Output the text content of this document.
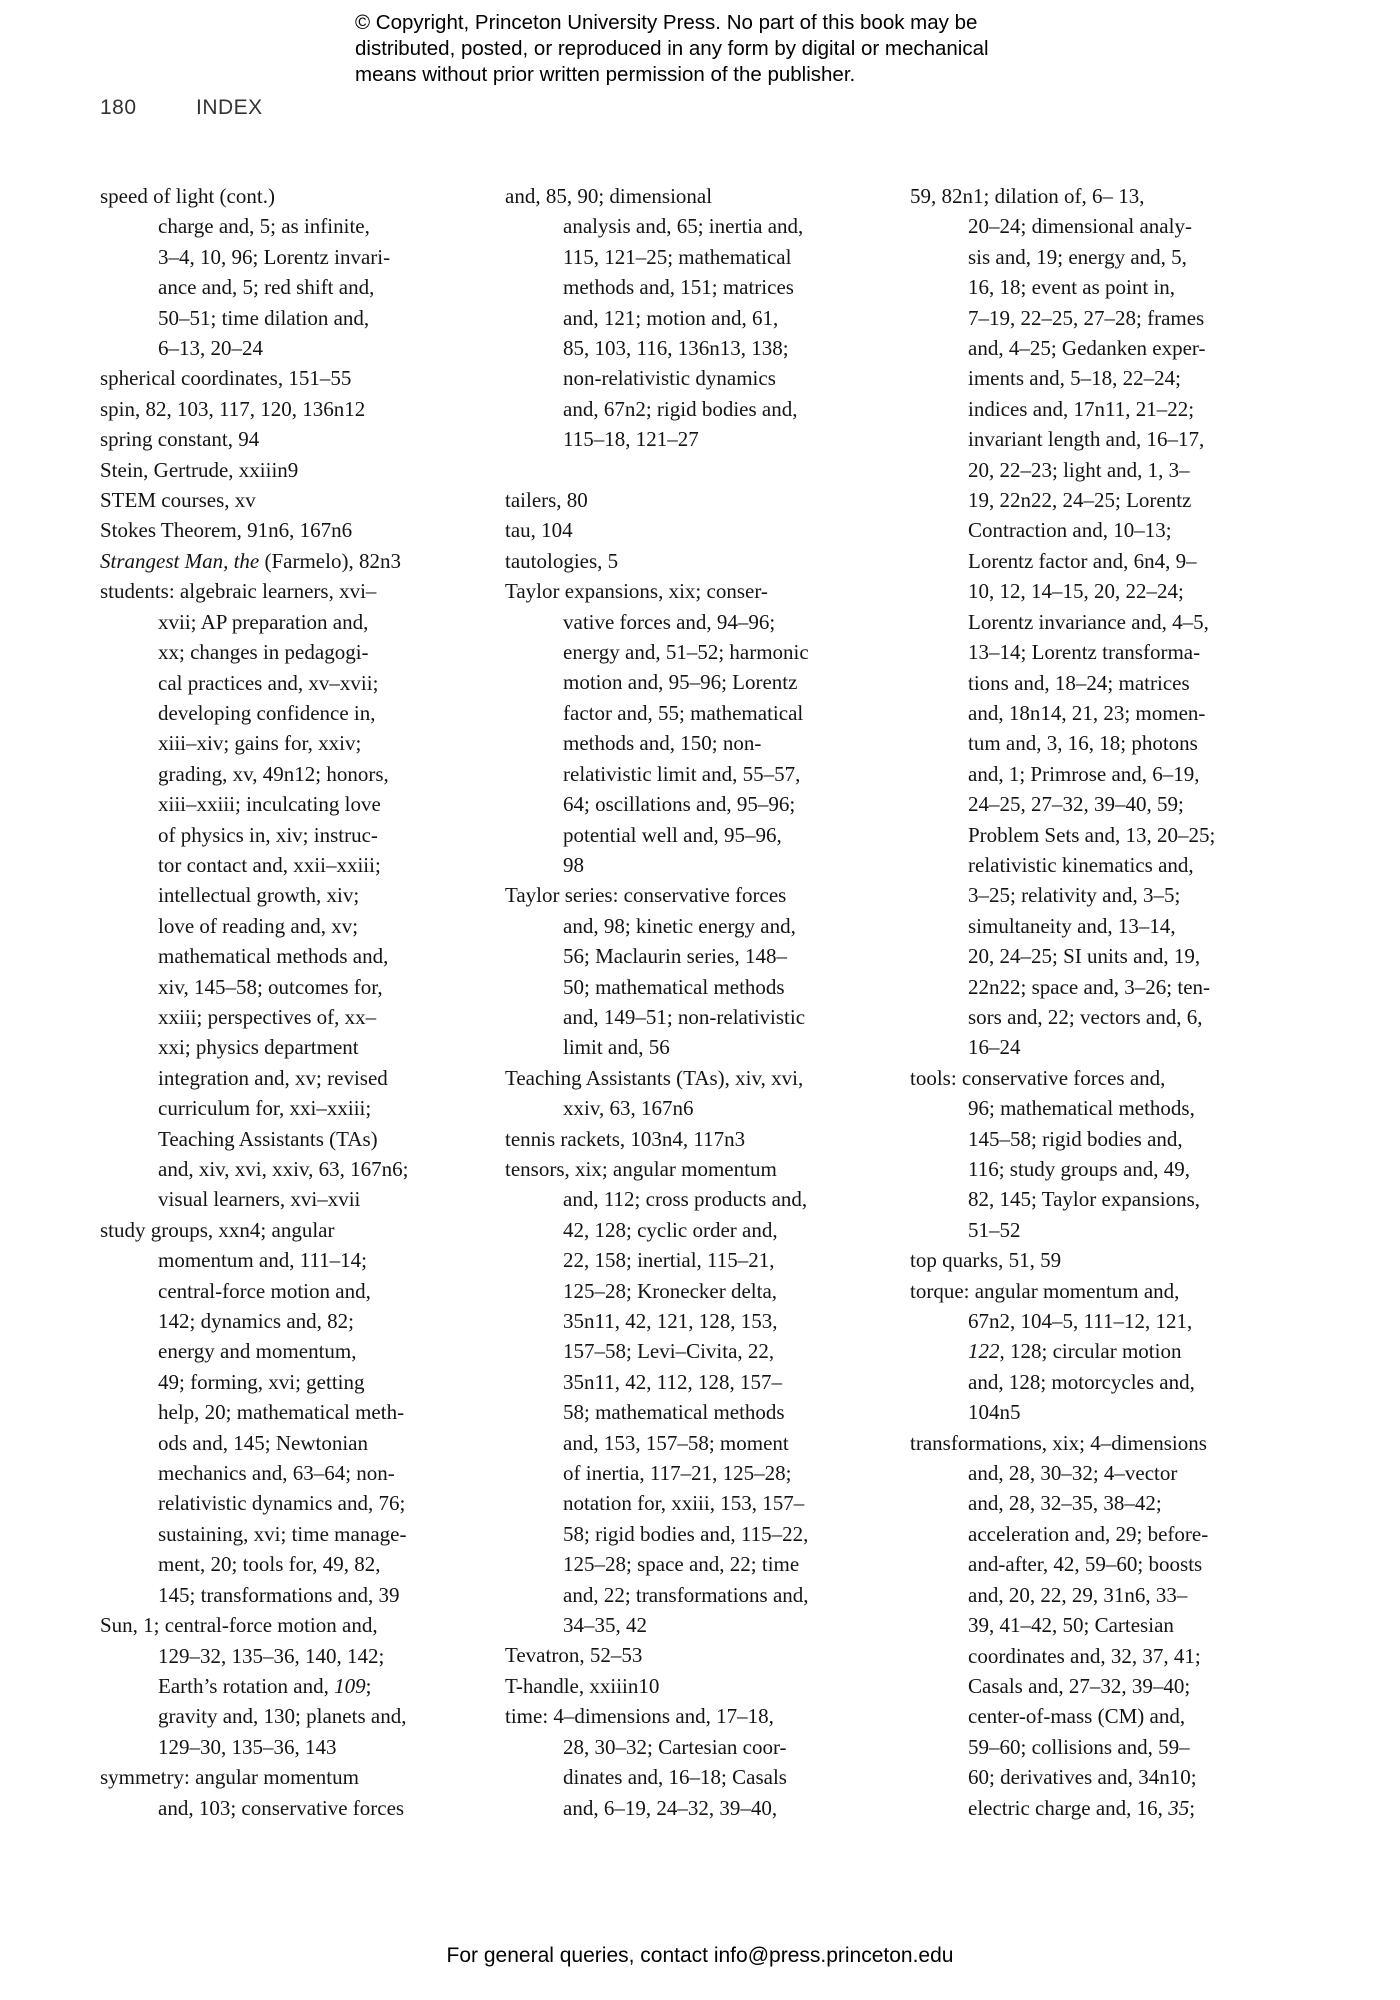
© Copyright, Princeton University Press. No part of this book may be
distributed, posted, or reproduced in any form by digital or mechanical
means without prior written permission of the publisher.
180	INDEX
speed of light (cont.)
charge and, 5; as infinite,
3–4, 10, 96; Lorentz invari-
ance and, 5; red shift and,
50–51; time dilation and,
6–13, 20–24
spherical coordinates, 151–55
spin, 82, 103, 117, 120, 136n12
spring constant, 94
Stein, Gertrude, xxiiin9
STEM courses, xv
Stokes Theorem, 91n6, 167n6
Strangest Man, the (Farmelo), 82n3
students: algebraic learners, xvi–
xvii; AP preparation and,
xx; changes in pedagogi-
cal practices and, xv–xvii;
developing confidence in,
xiii–xiv; gains for, xxiv;
grading, xv, 49n12; honors,
xiii–xxiii; inculcating love
of physics in, xiv; instruc-
tor contact and, xxii–xxiii;
intellectual growth, xiv;
love of reading and, xv;
mathematical methods and,
xiv, 145–58; outcomes for,
xxiii; perspectives of, xx–
xxi; physics department
integration and, xv; revised
curriculum for, xxi–xxiii;
Teaching Assistants (TAs)
and, xiv, xvi, xxiv, 63, 167n6;
visual learners, xvi–xvii
study groups, xxn4; angular
momentum and, 111–14;
central-force motion and,
142; dynamics and, 82;
energy and momentum,
49; forming, xvi; getting
help, 20; mathematical meth-
ods and, 145; Newtonian
mechanics and, 63–64; non-
relativistic dynamics and, 76;
sustaining, xvi; time manage-
ment, 20; tools for, 49, 82,
145; transformations and, 39
Sun, 1; central-force motion and,
129–32, 135–36, 140, 142;
Earth’s rotation and, 109;
gravity and, 130; planets and,
129–30, 135–36, 143
symmetry: angular momentum
and, 103; conservative forces
and, 85, 90; dimensional
analysis and, 65; inertia and,
115, 121–25; mathematical
methods and, 151; matrices
and, 121; motion and, 61,
85, 103, 116, 136n13, 138;
non-relativistic dynamics
and, 67n2; rigid bodies and,
115–18, 121–27
tailers, 80
tau, 104
tautologies, 5
Taylor expansions, xix; conser-
vative forces and, 94–96;
energy and, 51–52; harmonic
motion and, 95–96; Lorentz
factor and, 55; mathematical
methods and, 150; non-
relativistic limit and, 55–57,
64; oscillations and, 95–96;
potential well and, 95–96,
98
Taylor series: conservative forces
and, 98; kinetic energy and,
56; Maclaurin series, 148–
50; mathematical methods
and, 149–51; non-relativistic
limit and, 56
Teaching Assistants (TAs), xiv, xvi,
xxiv, 63, 167n6
tennis rackets, 103n4, 117n3
tensors, xix; angular momentum
and, 112; cross products and,
42, 128; cyclic order and,
22, 158; inertial, 115–21,
125–28; Kronecker delta,
35n11, 42, 121, 128, 153,
157–58; Levi–Civita, 22,
35n11, 42, 112, 128, 157–
58; mathematical methods
and, 153, 157–58; moment
of inertia, 117–21, 125–28;
notation for, xxiii, 153, 157–
58; rigid bodies and, 115–22,
125–28; space and, 22; time
and, 22; transformations and,
34–35, 42
Tevatron, 52–53
T-handle, xxiiin10
time: 4–dimensions and, 17–18,
28, 30–32; Cartesian coor-
dinates and, 16–18; Casals
and, 6–19, 24–32, 39–40,
59, 82n1; dilation of, 6– 13,
20–24; dimensional analy-
sis and, 19; energy and, 5,
16, 18; event as point in,
7–19, 22–25, 27–28; frames
and, 4–25; Gedanken exper-
iments and, 5–18, 22–24;
indices and, 17n11, 21–22;
invariant length and, 16–17,
20, 22–23; light and, 1, 3–
19, 22n22, 24–25; Lorentz
Contraction and, 10–13;
Lorentz factor and, 6n4, 9–
10, 12, 14–15, 20, 22–24;
Lorentz invariance and, 4–5,
13–14; Lorentz transforma-
tions and, 18–24; matrices
and, 18n14, 21, 23; momen-
tum and, 3, 16, 18; photons
and, 1; Primrose and, 6–19,
24–25, 27–32, 39–40, 59;
Problem Sets and, 13, 20–25;
relativistic kinematics and,
3–25; relativity and, 3–5;
simultaneity and, 13–14,
20, 24–25; SI units and, 19,
22n22; space and, 3–26; ten-
sors and, 22; vectors and, 6,
16–24
tools: conservative forces and,
96; mathematical methods,
145–58; rigid bodies and,
116; study groups and, 49,
82, 145; Taylor expansions,
51–52
top quarks, 51, 59
torque: angular momentum and,
67n2, 104–5, 111–12, 121,
122, 128; circular motion
and, 128; motorcycles and,
104n5
transformations, xix; 4–dimensions
and, 28, 30–32; 4–vector
and, 28, 32–35, 38–42;
acceleration and, 29; before-
and-after, 42, 59–60; boosts
and, 20, 22, 29, 31n6, 33–
39, 41–42, 50; Cartesian
coordinates and, 32, 37, 41;
Casals and, 27–32, 39–40;
center-of-mass (CM) and,
59–60; collisions and, 59–
60; derivatives and, 34n10;
electric charge and, 16, 35;
For general queries, contact info@press.princeton.edu
